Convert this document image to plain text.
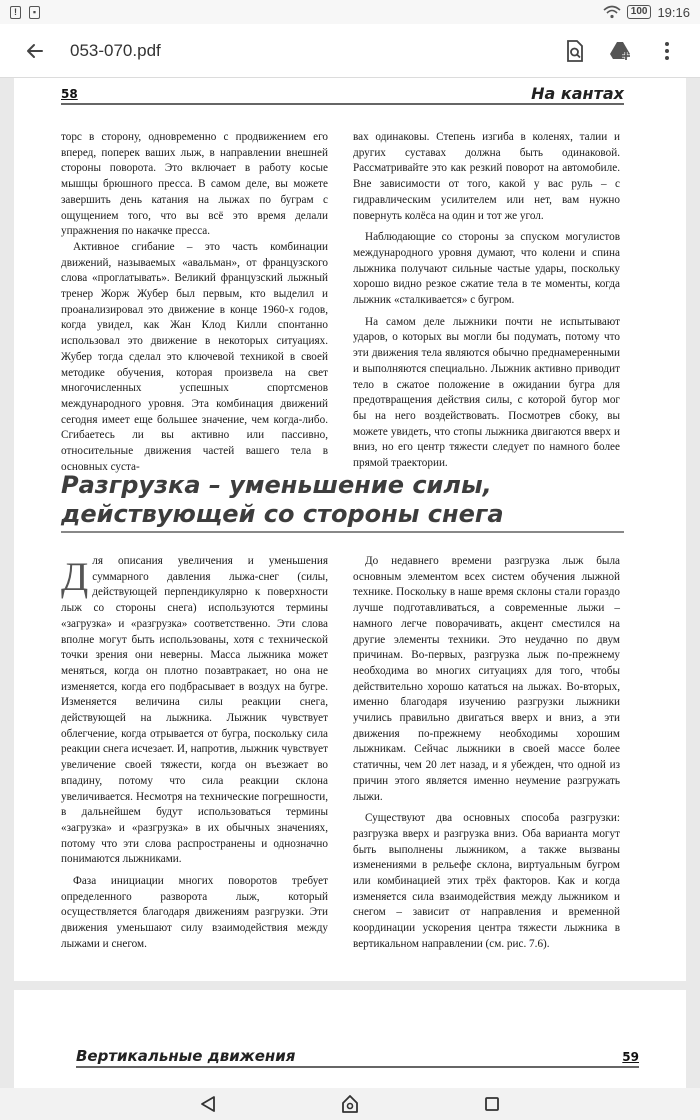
!	▪	100 19:16
053-070.pdf
58	На кантах

торс в сторону, одновременно с продвижением его вперед, поперек ваших лыж, в направлении внешней стороны поворота. Это включает в работу косые мышцы брюшного пресса. В самом деле, вы можете завершить день катания на лыжах по буграм с ощущением того, что вы всё это время делали упражнения по накачке пресса.

Активное сгибание – это часть комбинации движений, называемых «авальман», от французского слова «проглатывать». Великий французский лыжный тренер Жорж Жубер был первым, кто выделил и проанализировал это движение в конце 1960-х годов, когда увидел, как Жан Клод Килли спонтанно использовал это движение в некоторых ситуациях. Жубер тогда сделал это ключевой техникой в своей методике обучения, которая произвела на свет многочисленных успешных спортсменов международного уровня. Эта комбинация движений сегодня имеет еще большее значение, чем когда-либо. Сгибаетесь ли вы активно или пассивно, относительные движения частей вашего тела в основных суста-

вах одинаковы. Степень изгиба в коленях, талии и других суставах должна быть одинаковой. Рассматривайте это как резкий поворот на автомобиле. Вне зависимости от того, какой у вас руль – с гидравлическим усилителем или нет, вам нужно повернуть колёса на один и тот же угол.

Наблюдающие со стороны за спуском могулистов международного уровня думают, что колени и спина лыжника получают сильные частые удары, поскольку хорошо видно резкое сжатие тела в те моменты, когда лыжник «сталкивается» с бугром.

На самом деле лыжники почти не испытывают ударов, о которых вы могли бы подумать, потому что эти движения тела являются обычно преднамеренными и выполняются специально. Лыжник активно приводит тело в сжатое положение в ожидании бугра для предотвращения действия силы, с которой бугор мог бы на него воздействовать. Посмотрев сбоку, вы можете увидеть, что стопы лыжника двигаются вверх и вниз, но его центр тяжести следует по намного более прямой траектории.

Разгрузка – уменьшение силы, действующей со стороны снега

Для описания увеличения и уменьшения суммарного давления лыжа-снег (силы, действующей перпендикулярно к поверхности лыж со стороны снега) используются термины «загрузка» и «разгрузка» соответственно. Эти слова вполне могут быть использованы, хотя с технической точки зрения они неверны. Масса лыжника может меняться, когда он плотно позавтракает, но она не изменяется, когда его подбрасывает в воздух на бугре. Изменяется величина силы реакции снега, действующей на лыжника. Лыжник чувствует облегчение, когда отрывается от бугра, поскольку сила реакции снега исчезает. И, напротив, лыжник чувствует увеличение своей тяжести, когда он въезжает во впадину, потому что сила реакции склона увеличивается. Несмотря на технические погрешности, в дальнейшем будут использоваться термины «загрузка» и «разгрузка» в их обычных значениях, потому что эти слова распространены и однозначно понимаются лыжниками.

Фаза инициации многих поворотов требует определенного разворота лыж, который осуществляется благодаря движениям разгрузки. Эти движения уменьшают силу взаимодействия между лыжами и снегом.

До недавнего времени разгрузка лыж была основным элементом всех систем обучения лыжной технике. Поскольку в наше время склоны стали гораздо лучше подготавливаться, а современные лыжи – намного легче поворачивать, акцент сместился на другие элементы техники. Это неудачно по двум причинам. Во-первых, разгрузка лыж по-прежнему необходима во многих ситуациях для того, чтобы действительно хорошо кататься на лыжах. Во-вторых, именно благодаря изучению разгрузки лыжники учились правильно двигаться вверх и вниз, а эти движения по-прежнему необходимы хорошим лыжникам. Сейчас лыжники в своей массе более статичны, чем 20 лет назад, и я убежден, что одной из причин этого является именно неумение разгружать лыжи.

Существуют два основных способа разгрузки: разгрузка вверх и разгрузка вниз. Оба варианта могут быть выполнены лыжником, а также вызваны изменениями в рельефе склона, виртуальным бугром или комбинацией этих трёх факторов. Как и когда изменяется сила взаимодействия между лыжником и снегом – зависит от направления и временной координации ускорения центра тяжести лыжника в вертикальном направлении (см. рис. 7.6).

Вертикальные движения	59
